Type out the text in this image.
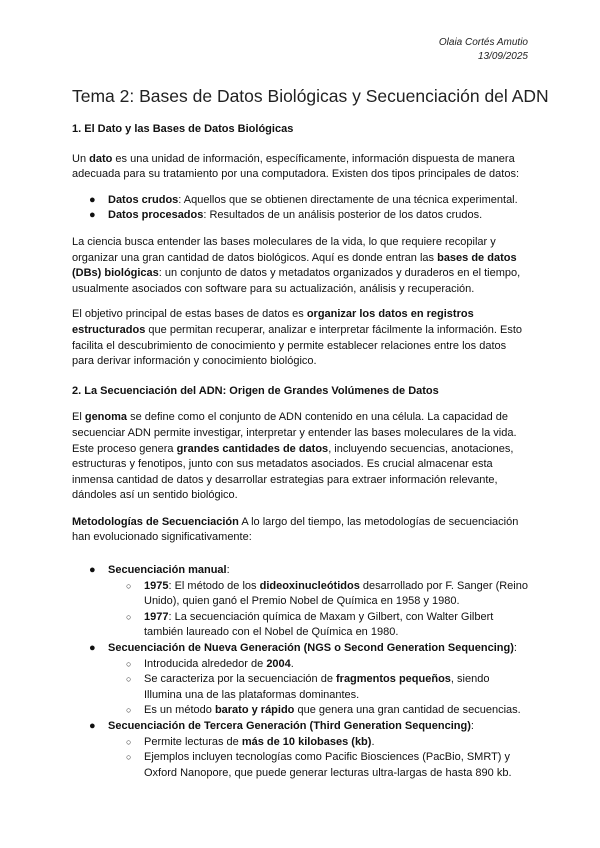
Olaia Cortés Amutio
13/09/2025
Tema 2: Bases de Datos Biológicas y Secuenciación del ADN

1. El Dato y las Bases de Datos Biológicas

Un dato es una unidad de información, específicamente, información dispuesta de manera adecuada para su tratamiento por una computadora. Existen dos tipos principales de datos:

● Datos crudos: Aquellos que se obtienen directamente de una técnica experimental.
● Datos procesados: Resultados de un análisis posterior de los datos crudos.

La ciencia busca entender las bases moleculares de la vida, lo que requiere recopilar y organizar una gran cantidad de datos biológicos. Aquí es donde entran las bases de datos (DBs) biológicas: un conjunto de datos y metadatos organizados y duraderos en el tiempo, usualmente asociados con software para su actualización, análisis y recuperación.

El objetivo principal de estas bases de datos es organizar los datos en registros estructurados que permitan recuperar, analizar e interpretar fácilmente la información. Esto facilita el descubrimiento de conocimiento y permite establecer relaciones entre los datos para derivar información y conocimiento biológico.

2. La Secuenciación del ADN: Origen de Grandes Volúmenes de Datos

El genoma se define como el conjunto de ADN contenido en una célula. La capacidad de secuenciar ADN permite investigar, interpretar y entender las bases moleculares de la vida. Este proceso genera grandes cantidades de datos, incluyendo secuencias, anotaciones, estructuras y fenotipos, junto con sus metadatos asociados. Es crucial almacenar esta inmensa cantidad de datos y desarrollar estrategias para extraer información relevante, dándoles así un sentido biológico.

Metodologías de Secuenciación A lo largo del tiempo, las metodologías de secuenciación han evolucionado significativamente:

● Secuenciación manual:
○ 1975: El método de los dideoxinucleótidos desarrollado por F. Sanger (Reino Unido), quien ganó el Premio Nobel de Química en 1958 y 1980.
○ 1977: La secuenciación química de Maxam y Gilbert, con Walter Gilbert también laureado con el Nobel de Química en 1980.
● Secuenciación de Nueva Generación (NGS o Second Generation Sequencing):
○ Introducida alrededor de 2004.
○ Se caracteriza por la secuenciación de fragmentos pequeños, siendo Illumina una de las plataformas dominantes.
○ Es un método barato y rápido que genera una gran cantidad de secuencias.
● Secuenciación de Tercera Generación (Third Generation Sequencing):
○ Permite lecturas de más de 10 kilobases (kb).
○ Ejemplos incluyen tecnologías como Pacific Biosciences (PacBio, SMRT) y Oxford Nanopore, que puede generar lecturas ultra-largas de hasta 890 kb.
